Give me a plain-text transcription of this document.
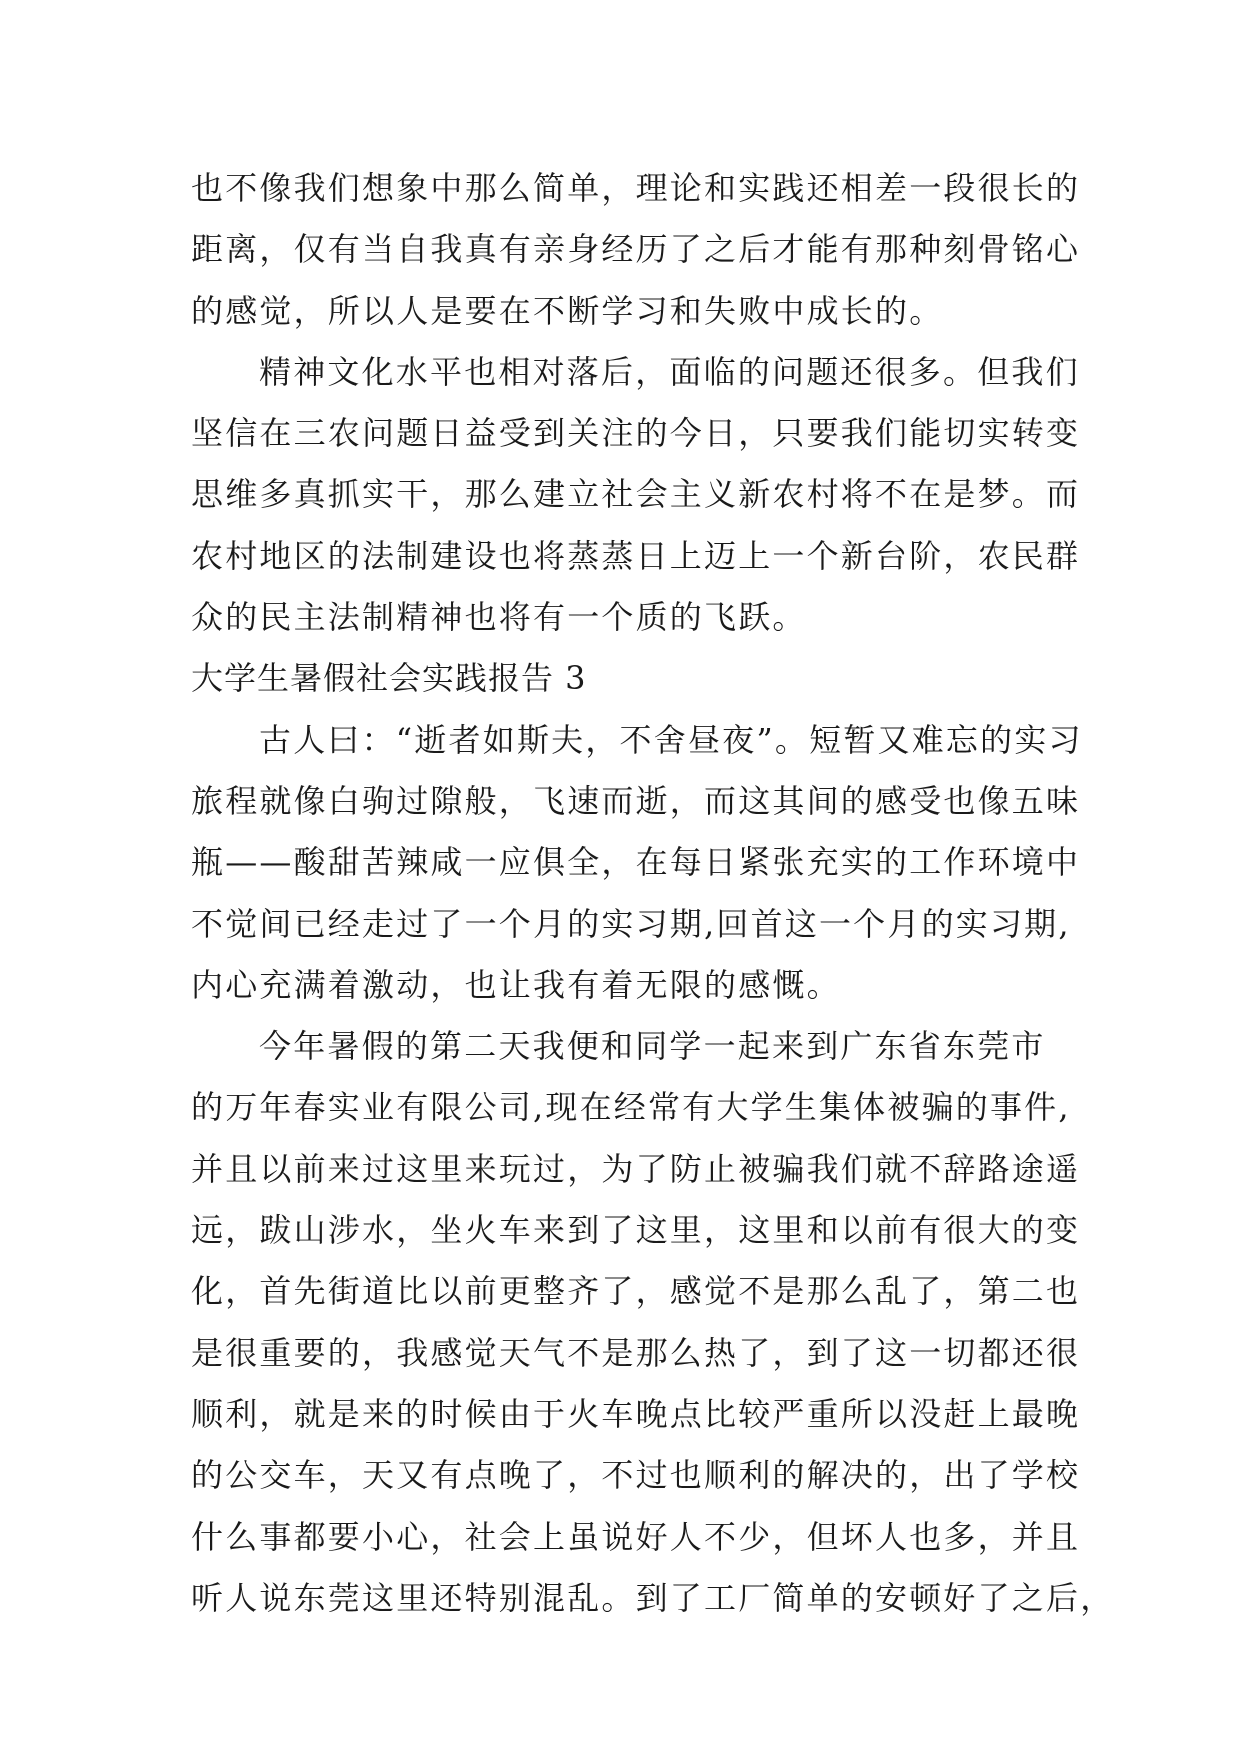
也不像我们想象中那么简单，理论和实践还相差一段很长的
距离，仅有当自我真有亲身经历了之后才能有那种刻骨铭心
的感觉，所以人是要在不断学习和失败中成长的。
精神文化水平也相对落后，面临的问题还很多。但我们
坚信在三农问题日益受到关注的今日，只要我们能切实转变
思维多真抓实干，那么建立社会主义新农村将不在是梦。而
农村地区的法制建设也将蒸蒸日上迈上一个新台阶，农民群
众的民主法制精神也将有一个质的飞跃。
大学生暑假社会实践报告 3
古人曰：“逝者如斯夫，不舍昼夜”。短暂又难忘的实习
旅程就像白驹过隙般，飞速而逝，而这其间的感受也像五味
瓶——酸甜苦辣咸一应俱全，在每日紧张充实的工作环境中
不觉间已经走过了一个月的实习期,回首这一个月的实习期,
内心充满着激动，也让我有着无限的感慨。
今年暑假的第二天我便和同学一起来到广东省东莞市
的万年春实业有限公司,现在经常有大学生集体被骗的事件,
并且以前来过这里来玩过，为了防止被骗我们就不辞路途遥
远，跋山涉水，坐火车来到了这里，这里和以前有很大的变
化，首先街道比以前更整齐了，感觉不是那么乱了，第二也
是很重要的，我感觉天气不是那么热了，到了这一切都还很
顺利，就是来的时候由于火车晚点比较严重所以没赶上最晚
的公交车，天又有点晚了，不过也顺利的解决的，出了学校
什么事都要小心，社会上虽说好人不少，但坏人也多，并且
听人说东莞这里还特别混乱。到了工厂简单的安顿好了之后，
